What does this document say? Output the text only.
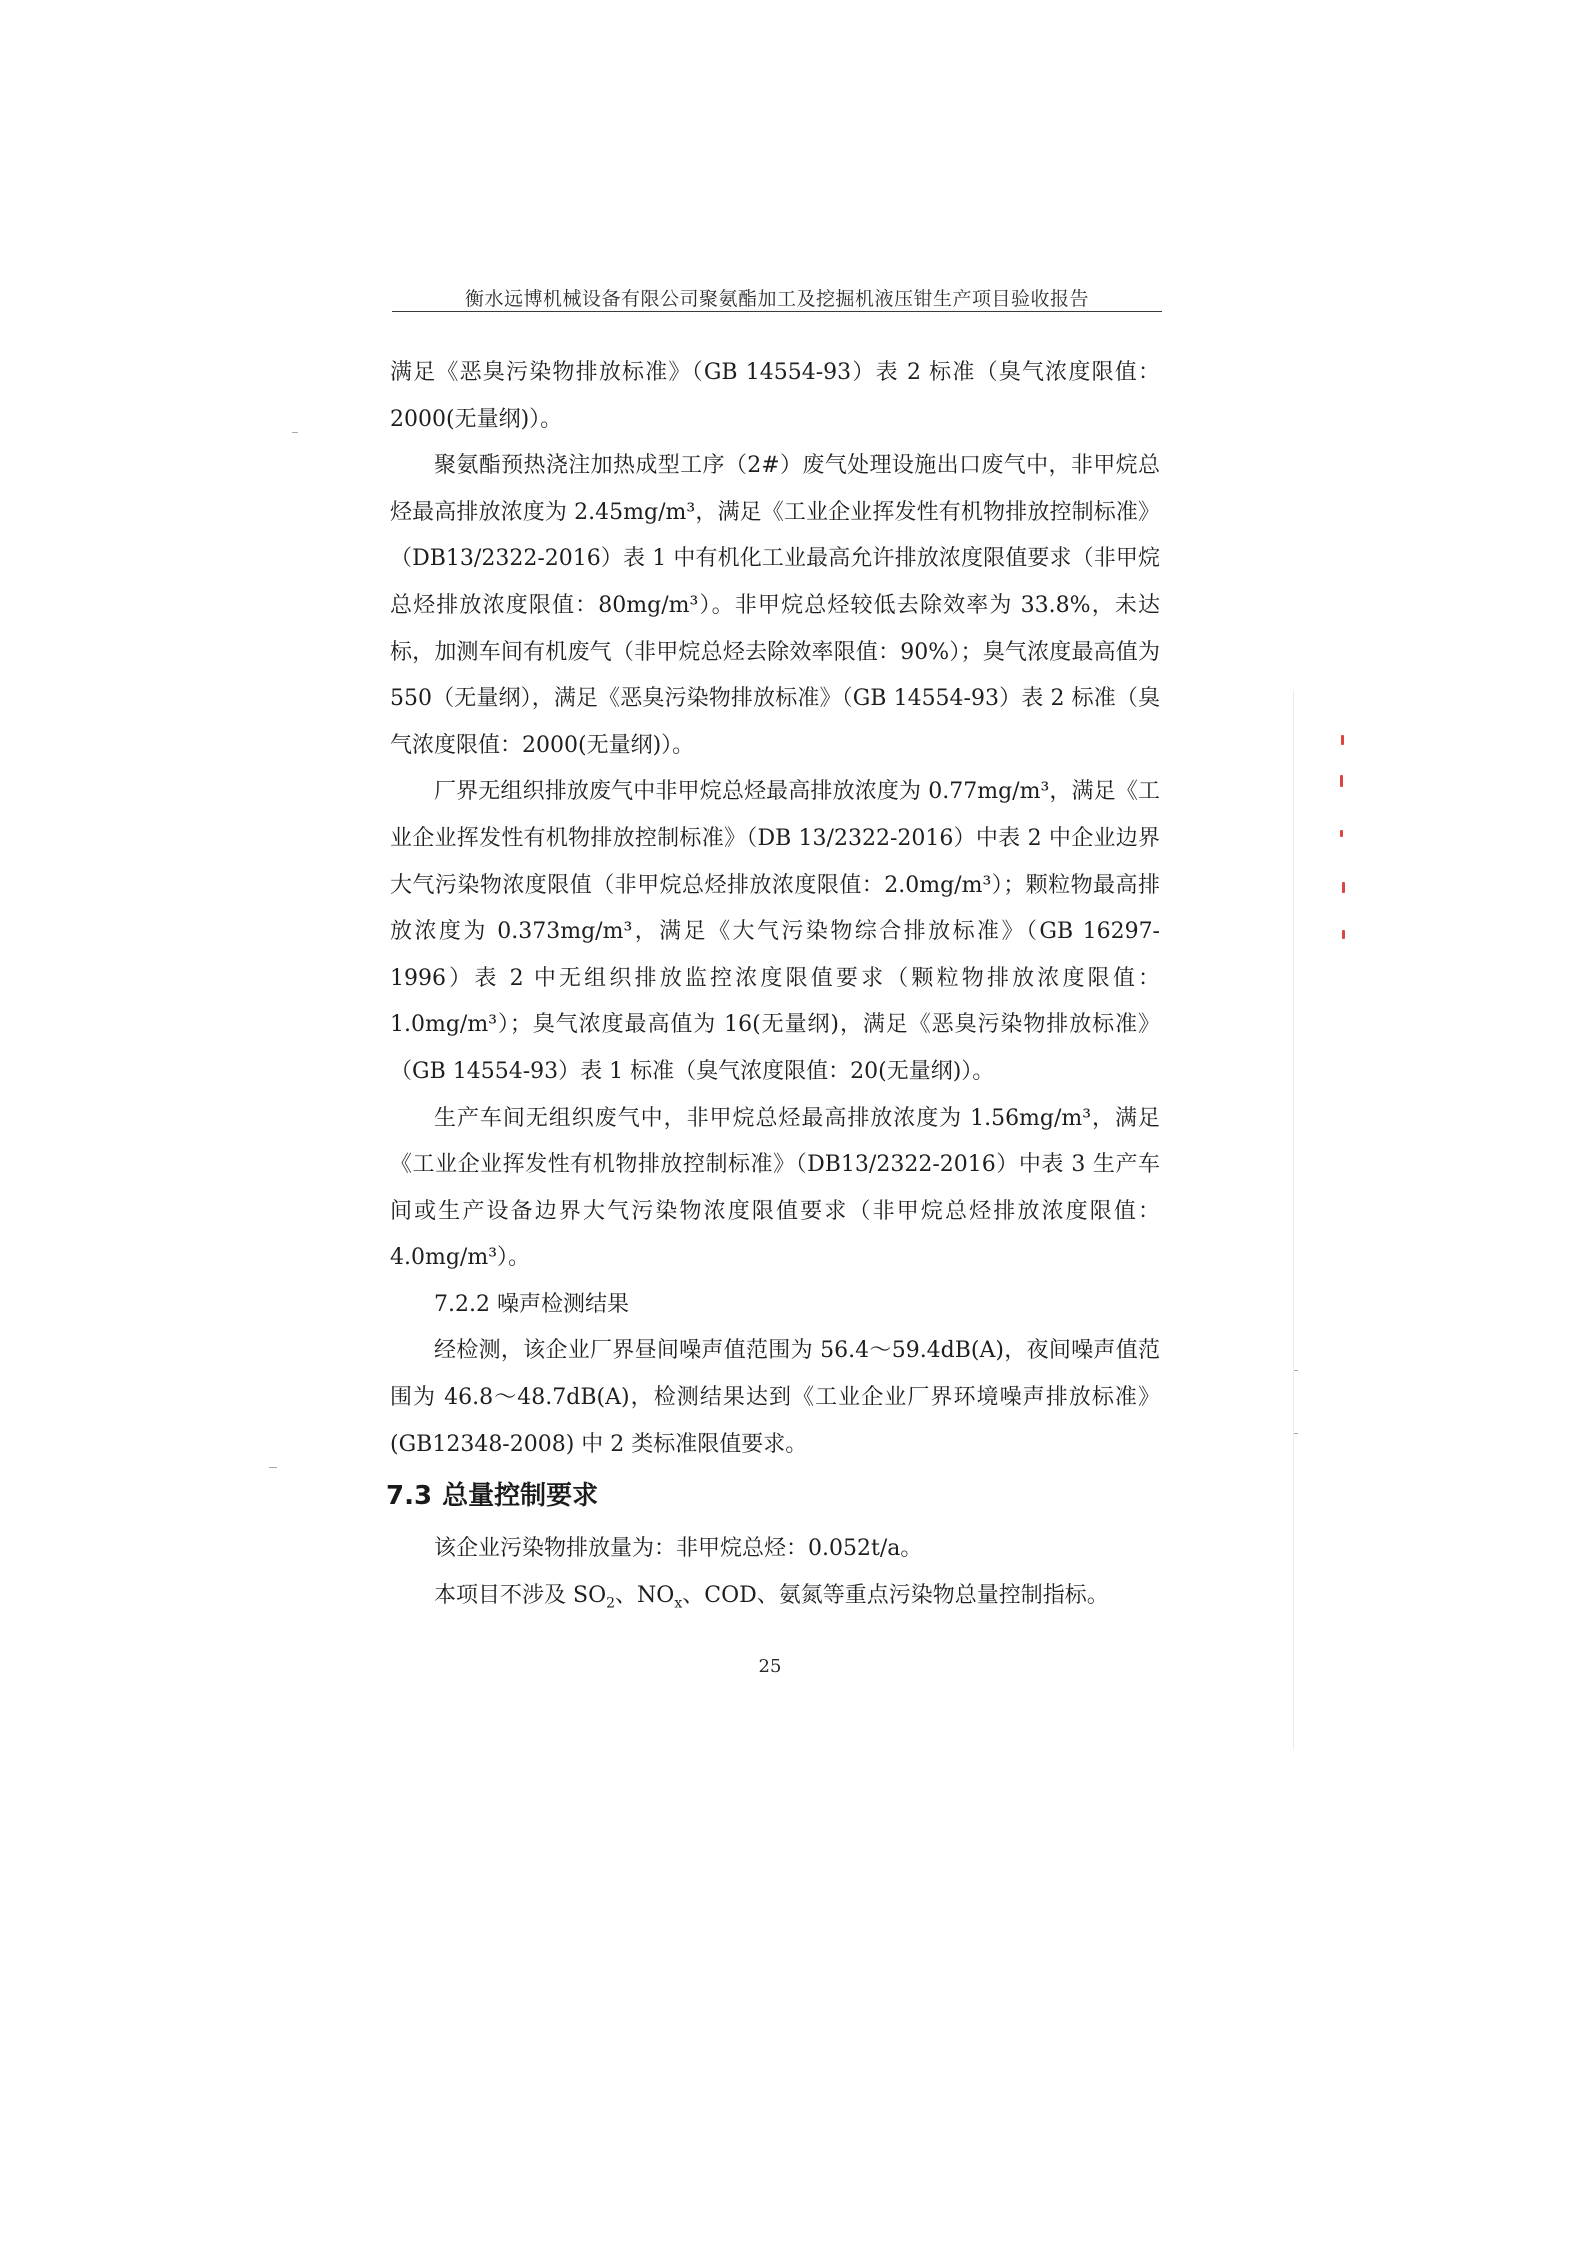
衡水远博机械设备有限公司聚氨酯加工及挖掘机液压钳生产项目验收报告

满足《恶臭污染物排放标准》（GB 14554-93）表 2 标准（臭气浓度限值：2000(无量纲)）。

聚氨酯预热浇注加热成型工序（2#）废气处理设施出口废气中，非甲烷总烃最高排放浓度为 2.45mg/m³，满足《工业企业挥发性有机物排放控制标准》（DB13/2322-2016）表 1 中有机化工业最高允许排放浓度限值要求（非甲烷总烃排放浓度限值：80mg/m³）。非甲烷总烃较低去除效率为 33.8%，未达标，加测车间有机废气（非甲烷总烃去除效率限值：90%）；臭气浓度最高值为 550（无量纲），满足《恶臭污染物排放标准》（GB 14554-93）表 2 标准（臭气浓度限值：2000(无量纲)）。

厂界无组织排放废气中非甲烷总烃最高排放浓度为 0.77mg/m³，满足《工业企业挥发性有机物排放控制标准》（DB 13/2322-2016）中表 2 中企业边界大气污染物浓度限值（非甲烷总烃排放浓度限值：2.0mg/m³）；颗粒物最高排放浓度为 0.373mg/m³，满足《大气污染物综合排放标准》（GB 16297-1996）表 2 中无组织排放监控浓度限值要求（颗粒物排放浓度限值：1.0mg/m³）；臭气浓度最高值为 16(无量纲)，满足《恶臭污染物排放标准》（GB 14554-93）表 1 标准（臭气浓度限值：20(无量纲)）。

生产车间无组织废气中，非甲烷总烃最高排放浓度为 1.56mg/m³，满足《工业企业挥发性有机物排放控制标准》（DB13/2322-2016）中表 3 生产车间或生产设备边界大气污染物浓度限值要求（非甲烷总烃排放浓度限值：4.0mg/m³）。

7.2.2 噪声检测结果

经检测，该企业厂界昼间噪声值范围为 56.4～59.4dB(A)，夜间噪声值范围为 46.8～48.7dB(A)，检测结果达到《工业企业厂界环境噪声排放标准》(GB12348-2008) 中 2 类标准限值要求。

7.3 总量控制要求

该企业污染物排放量为：非甲烷总烃：0.052t/a。

本项目不涉及 $SO_2$、$NO_x$、COD、氨氮等重点污染物总量控制指标。

25
